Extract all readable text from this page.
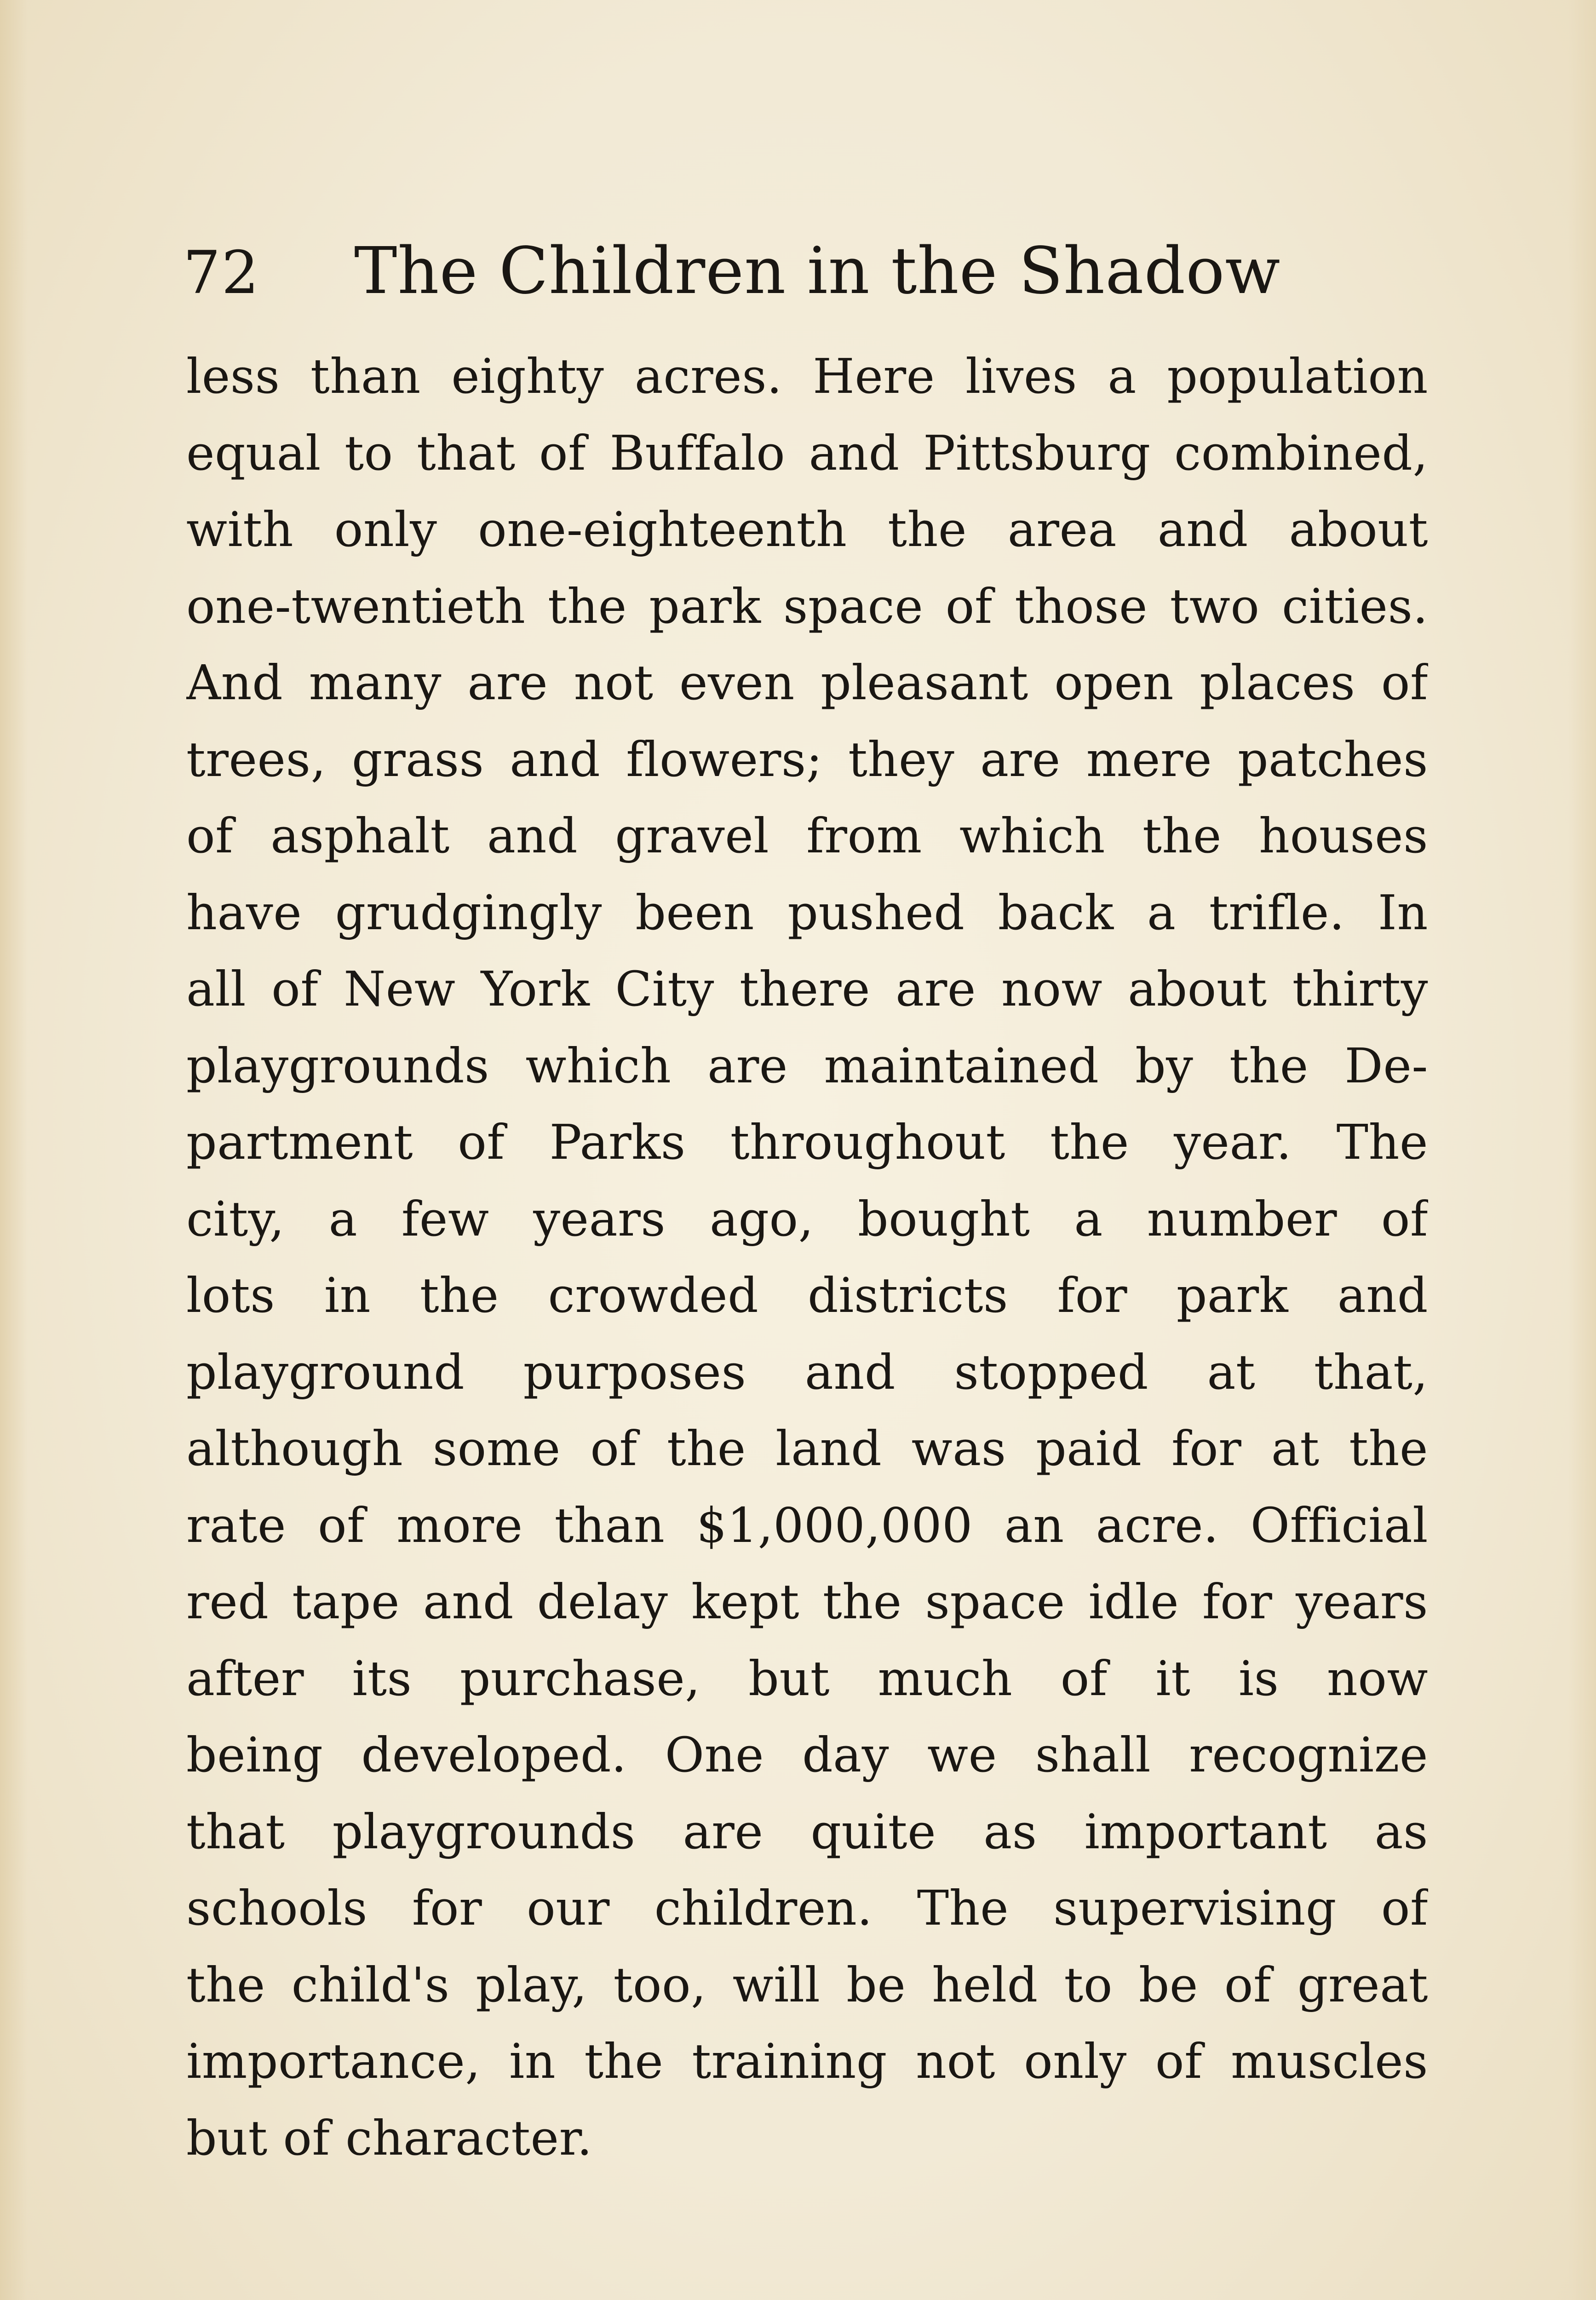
72 The Children in the Shadow
less than eighty acres. Here lives a population
equal to that of Buffalo and Pittsburg combined,
with only one-eighteenth the area and about
one-twentieth the park space of those two cities.
And many are not even pleasant open places of
trees, grass and flowers; they are mere patches
of asphalt and gravel from which the houses
have grudgingly been pushed back a trifle. In
all of New York City there are now about thirty
playgrounds which are maintained by the De-
partment of Parks throughout the year. The
city, a few years ago, bought a number of
lots in the crowded districts for park and
playground purposes and stopped at that,
although some of the land was paid for at the
rate of more than $1,000,000 an acre. Official
red tape and delay kept the space idle for years
after its purchase, but much of it is now
being developed. One day we shall recognize
that playgrounds are quite as important as
schools for our children. The supervising of
the child's play, too, will be held to be of great
importance, in the training not only of muscles
but of character.
